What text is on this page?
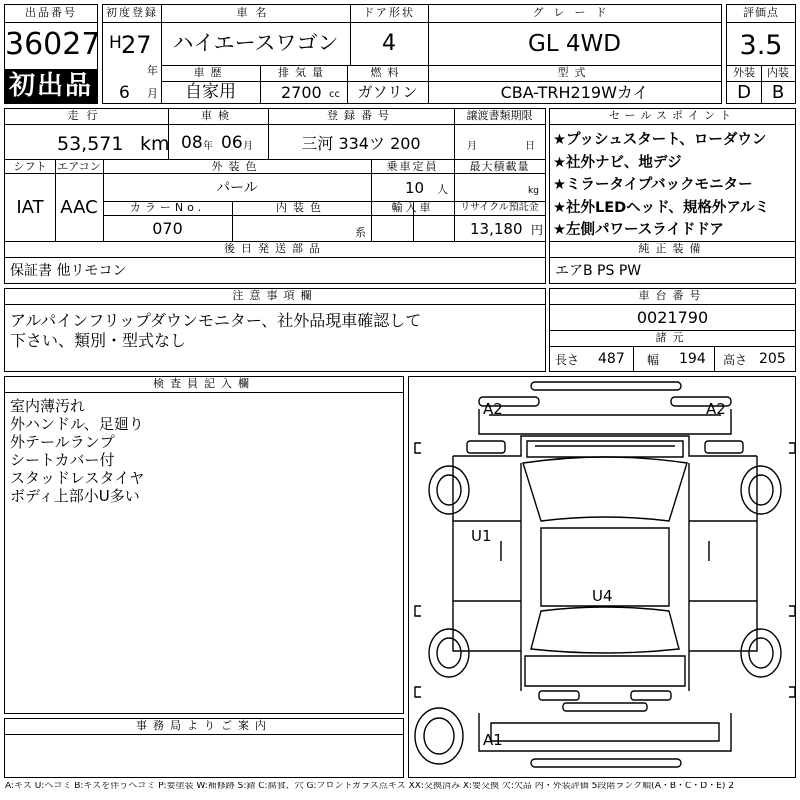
出品番号
36027
初出品
初度登録
H 27
年
6 月
車名
ハイエースワゴン
ドア形状
4
グレード
GL 4WD
車歴
自家用
排気量
2700 cc
燃料
ガソリン
型式
CBA-TRH219Wカイ
評価点
3.5
外装	内装
D	B
走行
53,571 km
車検
08 年 06 月
登録番号
三河 334ツ 200
譲渡書類期限
月	日
シフト
IAT
エアコン
AAC
外装色
パール
乗車定員
10 人
最大積載量
kg
カラーNo.
070
内装色
系
輸入車	リサイクル預託金
13,180 円
後日発送部品
保証書 他リモコン
セールスポイント
★プッシュスタート、ローダウン
★社外ナビ、地デジ
★ミラータイプバックモニター
★社外LEDヘッド、規格外アルミ
★左側パワースライドドア
純正装備
エアB PS PW
注意事項欄
アルパインフリップダウンモニター、社外品現車確認して
下さい、類別・型式なし
車台番号
0021790
諸元
長さ 487 幅 194 高さ 205
検査員記入欄
室内薄汚れ
外ハンドル、足廻り
外テールランプ
シートカバー付
スタッドレスタイヤ
ボディ上部小U多い
事務局よりご案内
A2	A2
U1
U4
A1
A:キズ U:ヘコミ B:キズを伴うヘコミ P:要塗装 W:補修跡 S:錆 C:腐食、穴 G:フロントガラス点キズ XX:交換済み X:要交換 欠:欠品 内・外装評価 5段階ランク順(A・B・C・D・E) 2
